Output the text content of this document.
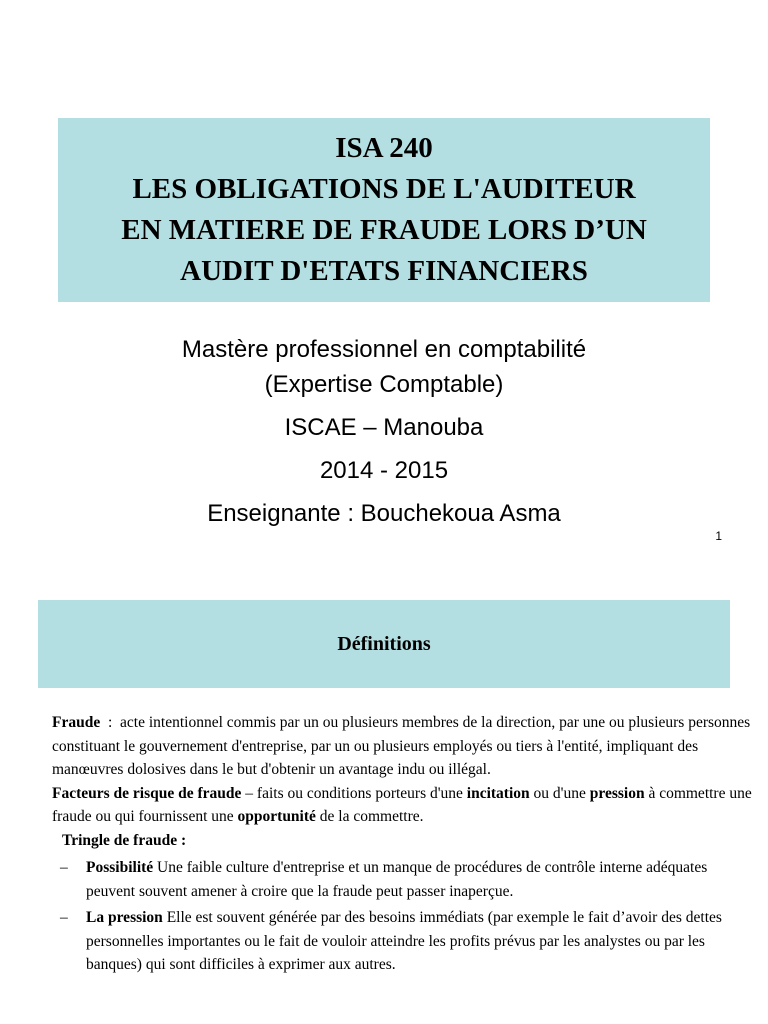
ISA 240
LES OBLIGATIONS DE L'AUDITEUR
EN MATIERE DE FRAUDE LORS D’UN
AUDIT D'ETATS FINANCIERS
Mastère professionnel en comptabilité
(Expertise Comptable)
ISCAE – Manouba
2014 - 2015
Enseignante : Bouchekoua Asma
1
Définitions

Fraude  :  acte intentionnel commis par un ou plusieurs membres de la direction, par une ou plusieurs personnes constituant le gouvernement d'entreprise, par un ou plusieurs employés ou tiers à l'entité, impliquant des manœuvres dolosives dans le but d'obtenir un avantage indu ou illégal.

Facteurs de risque de fraude – faits ou conditions porteurs d'une incitation ou d'une pression à commettre une fraude ou qui fournissent une opportunité de la commettre.

Tringle de fraude :

–	Possibilité Une faible culture d'entreprise et un manque de procédures de contrôle interne adéquates peuvent souvent amener à croire que la fraude peut passer inaperçue.
–	La pression Elle est souvent générée par des besoins immédiats (par exemple le fait d’avoir des dettes personnelles importantes ou le fait de vouloir atteindre les profits prévus par les analystes ou par les banques) qui sont difficiles à exprimer aux autres.
